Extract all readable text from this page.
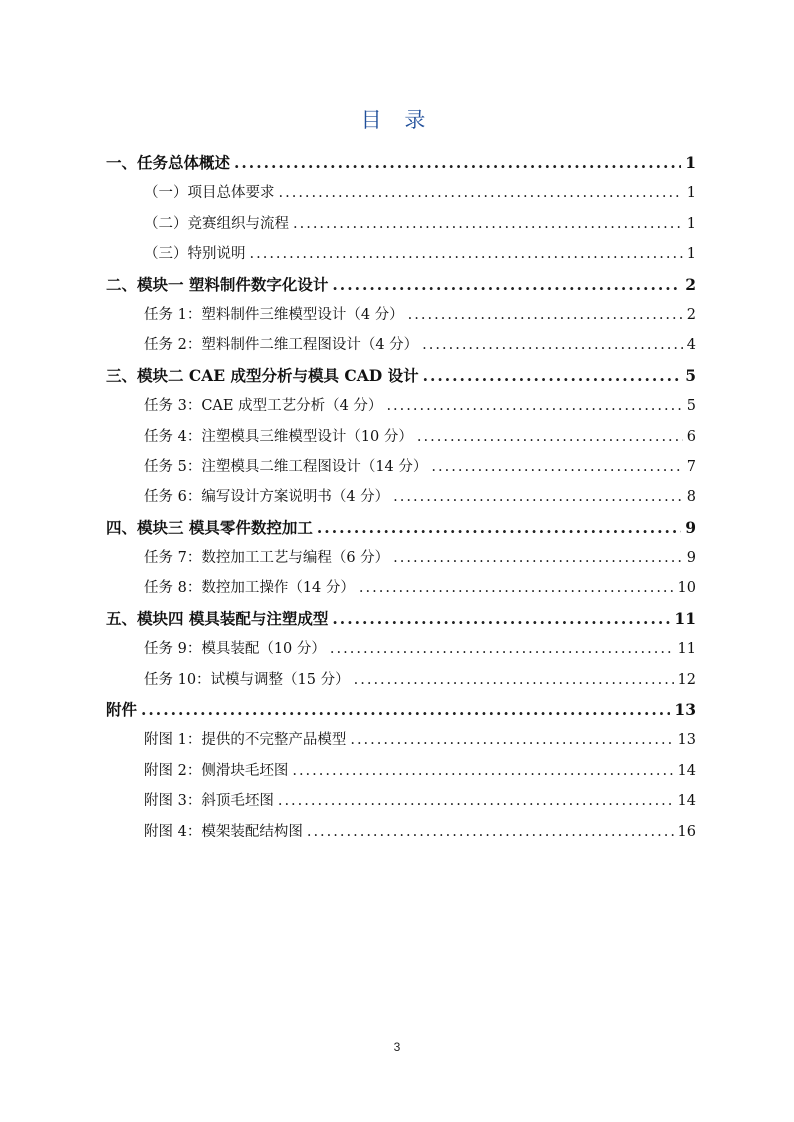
目 录
一、任务总体概述 .....	1
（一）项目总体要求 .....	1
（二）竞赛组织与流程 .....	1
（三）特别说明 .....	1
二、模块一 塑料制件数字化设计 .....	2
任务 1：塑料制件三维模型设计（4 分） .....	2
任务 2：塑料制件二维工程图设计（4 分） .....	4
三、模块二 CAE 成型分析与模具 CAD 设计 .....	5
任务 3：CAE 成型工艺分析（4 分） .....	5
任务 4：注塑模具三维模型设计（10 分） .....	6
任务 5：注塑模具二维工程图设计（14 分） .....	7
任务 6：编写设计方案说明书（4 分） .....	8
四、模块三 模具零件数控加工 .....	9
任务 7：数控加工工艺与编程（6 分） .....	9
任务 8：数控加工操作（14 分） .....	10
五、模块四 模具装配与注塑成型 .....	11
任务 9：模具装配（10 分） .....	11
任务 10：试模与调整（15 分） .....	12
附件 .....	13
附图 1：提供的不完整产品模型 .....	13
附图 2：侧滑块毛坯图 .....	14
附图 3：斜顶毛坯图 .....	14
附图 4：模架装配结构图 .....	16
3
